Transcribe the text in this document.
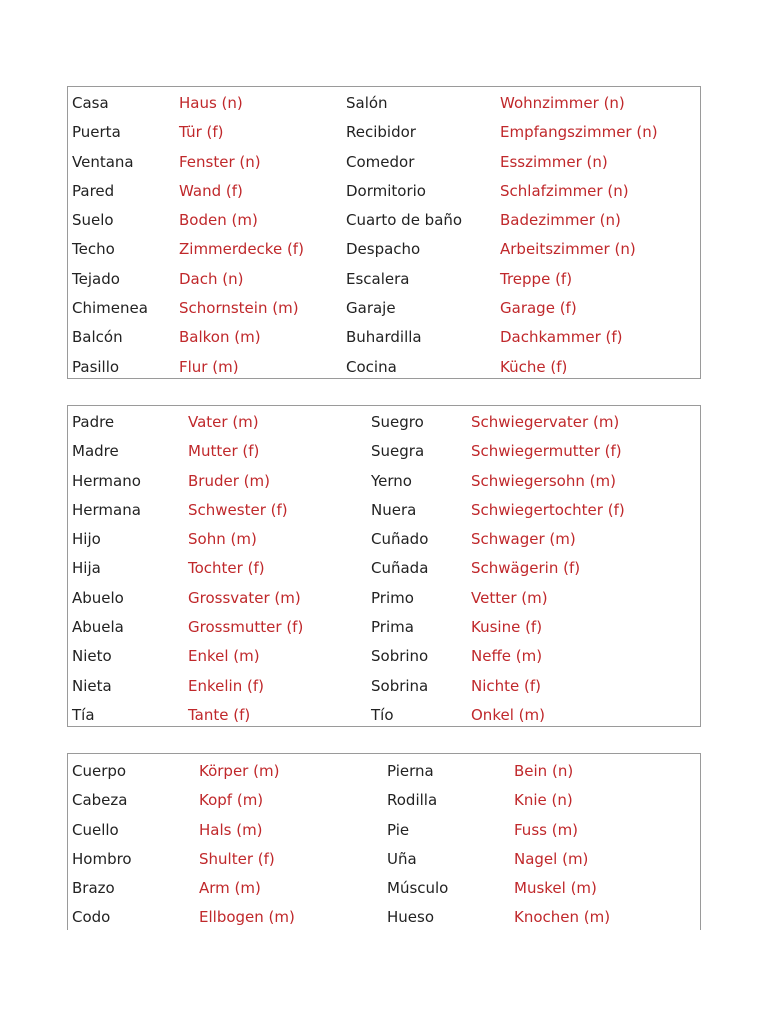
Casa	Haus (n)	Salón	Wohnzimmer (n)
Puerta	Tür (f)	Recibidor	Empfangszimmer (n)
Ventana	Fenster (n)	Comedor	Esszimmer (n)
Pared	Wand (f)	Dormitorio	Schlafzimmer (n)
Suelo	Boden (m)	Cuarto de baño	Badezimmer (n)
Techo	Zimmerdecke (f)	Despacho	Arbeitszimmer (n)
Tejado	Dach (n)	Escalera	Treppe (f)
Chimenea Schornstein (m)	Garaje	Garage (f)
Balcón	Balkon (m)	Buhardilla	Dachkammer (f)
Pasillo	Flur (m)	Cocina	Küche (f)
Padre	Vater (m)	Suegro	Schwiegervater (m)
Madre	Mutter (f)	Suegra	Schwiegermutter (f)
Hermano	Bruder (m)	Yerno	Schwiegersohn (m)
Hermana	Schwester (f)	Nuera	Schwiegertochter (f)
Hijo	Sohn (m)	Cuñado	Schwager (m)
Hija	Tochter (f)	Cuñada	Schwägerin (f)
Abuelo	Grossvater (m)	Primo	Vetter (m)
Abuela	Grossmutter (f)	Prima	Kusine (f)
Nieto	Enkel (m)	Sobrino	Neffe (m)
Nieta	Enkelin (f)	Sobrina	Nichte (f)
Tía	Tante (f)	Tío	Onkel (m)
Cuerpo	Körper (m)	Pierna	Bein (n)
Cabeza	Kopf (m)	Rodilla	Knie (n)
Cuello	Hals (m)	Pie	Fuss (m)
Hombro	Shulter (f)	Uña	Nagel (m)
Brazo	Arm (m)	Músculo	Muskel (m)
Codo	Ellbogen (m)	Hueso	Knochen (m)
